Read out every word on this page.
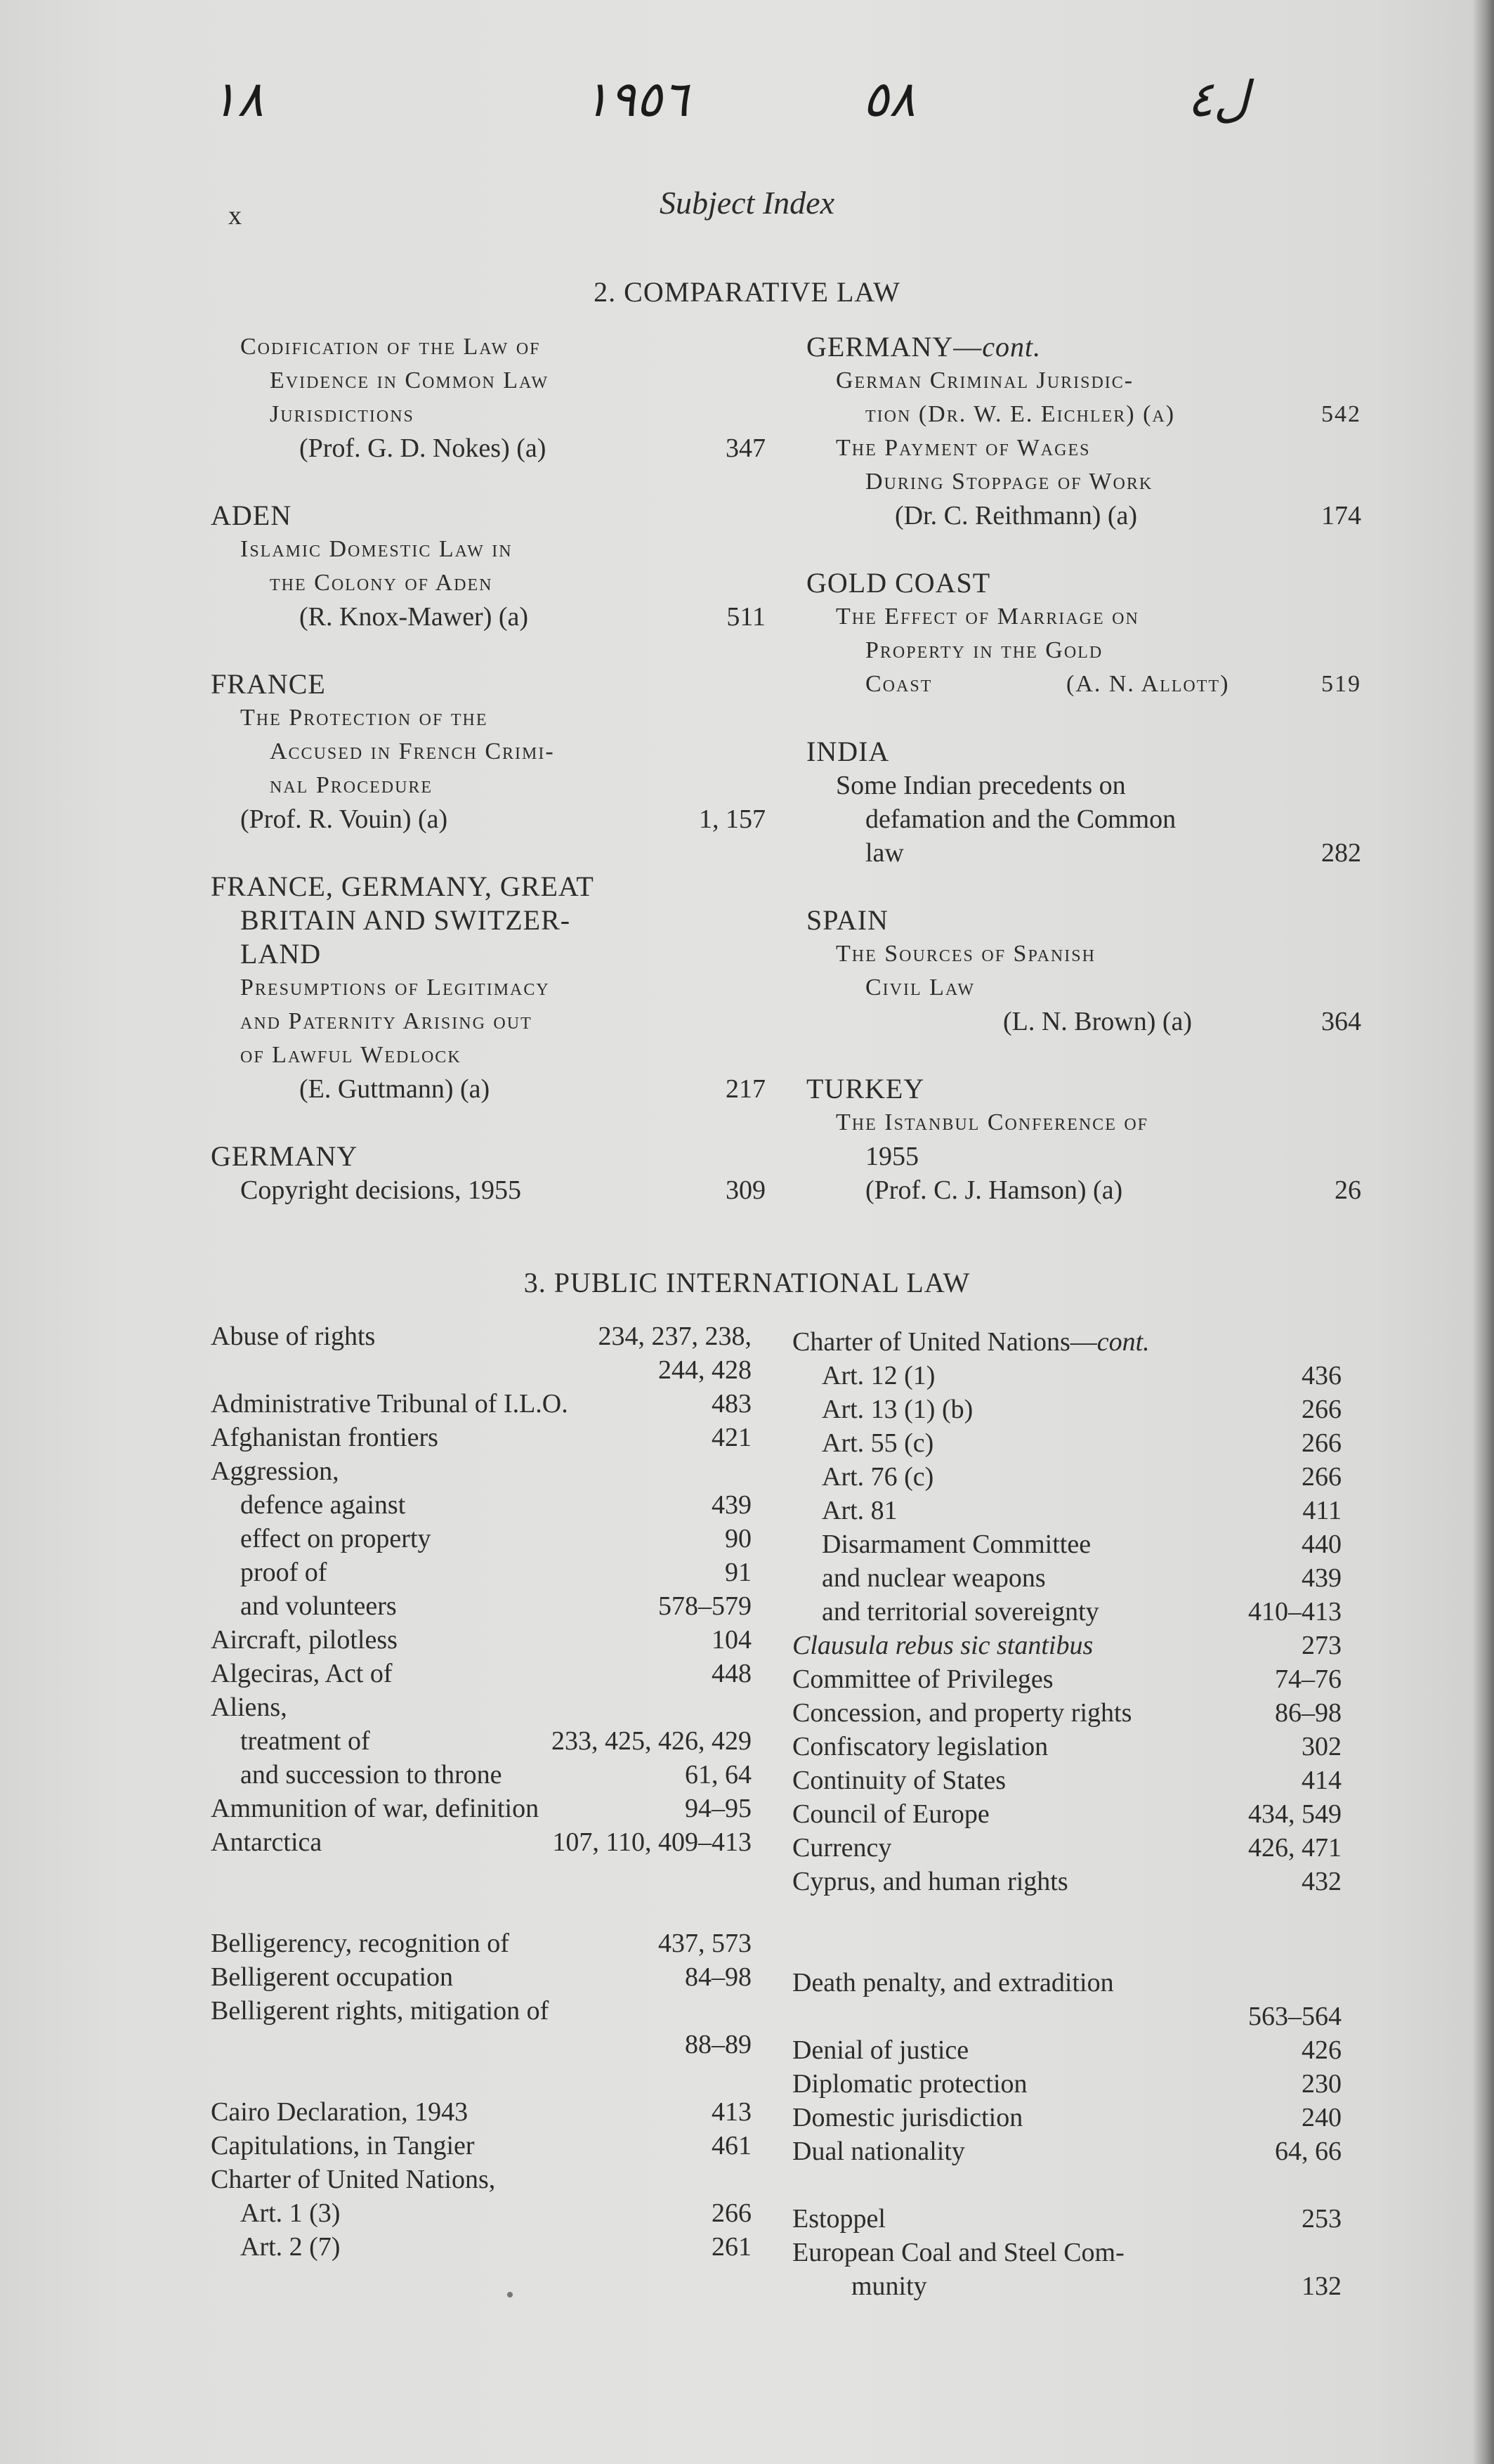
١٨	١٩٥٦	٥٨	ل٤
x	Subject Index
2. COMPARATIVE LAW
Codification of the Law of
Evidence in Common Law
Jurisdictions
(Prof. G. D. Nokes) (a)	347
ADEN
Islamic Domestic Law in
the Colony of Aden
(R. Knox-Mawer) (a)	511
FRANCE
The Protection of the
Accused in French Crimi-
nal Procedure
(Prof. R. Vouin) (a)	1, 157
FRANCE, GERMANY, GREAT
BRITAIN AND SWITZER-
LAND
Presumptions of Legitimacy
and Paternity Arising out
of Lawful Wedlock
(E. Guttmann) (a)	217
GERMANY
Copyright decisions, 1955	309
GERMANY—cont.
German Criminal Jurisdic-
tion (Dr. W. E. Eichler) (a)	542
The Payment of Wages
During Stoppage of Work
(Dr. C. Reithmann) (a)	174
GOLD COAST
The Effect of Marriage on
Property in the Gold
Coast	(A. N. Allott)	519
INDIA
Some Indian precedents on
defamation and the Common
law	282
SPAIN
The Sources of Spanish
Civil Law
(L. N. Brown) (a)	364
TURKEY
The Istanbul Conference of
1955
(Prof. C. J. Hamson) (a)	26
3. PUBLIC INTERNATIONAL LAW
Abuse of rights	234, 237, 238,
244, 428
Administrative Tribunal of I.L.O.	483
Afghanistan frontiers	421
Aggression,
defence against	439
effect on property	90
proof of	91
and volunteers	578–579
Aircraft, pilotless	104
Algeciras, Act of	448
Aliens,
treatment of	233, 425, 426, 429
and succession to throne	61, 64
Ammunition of war, definition	94–95
Antarctica	107, 110, 409–413
Belligerency, recognition of	437, 573
Belligerent occupation	84–98
Belligerent rights, mitigation of
88–89
Cairo Declaration, 1943	413
Capitulations, in Tangier	461
Charter of United Nations,
Art. 1 (3)	266
Art. 2 (7)	261
Charter of United Nations—cont.
Art. 12 (1)	436
Art. 13 (1) (b)	266
Art. 55 (c)	266
Art. 76 (c)	266
Art. 81	411
Disarmament Committee	440
and nuclear weapons	439
and territorial sovereignty	410–413
Clausula rebus sic stantibus	273
Committee of Privileges	74–76
Concession, and property rights	86–98
Confiscatory legislation	302
Continuity of States	414
Council of Europe	434, 549
Currency	426, 471
Cyprus, and human rights	432
Death penalty, and extradition
563–564
Denial of justice	426
Diplomatic protection	230
Domestic jurisdiction	240
Dual nationality	64, 66
Estoppel	253
European Coal and Steel Com-
munity	132
